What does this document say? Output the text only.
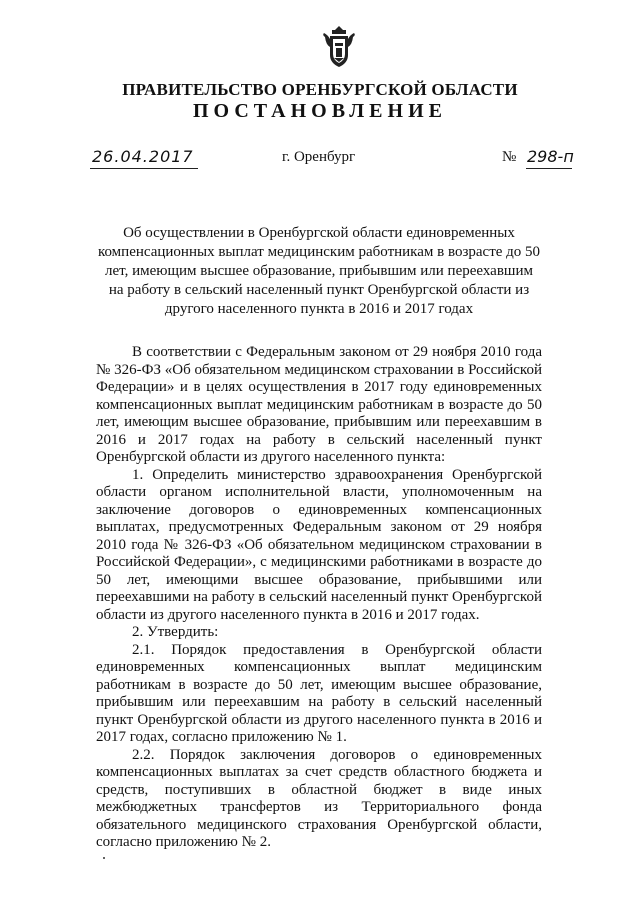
ПРАВИТЕЛЬСТВО ОРЕНБУРГСКОЙ ОБЛАСТИ
ПОСТАНОВЛЕНИЕ
26.04.2017	г. Оренбург	№ 298-п
Об осуществлении в Оренбургской области единовременных компенсационных выплат медицинским работникам в возрасте до 50 лет, имеющим высшее образование, прибывшим или переехавшим на работу в сельский населенный пункт Оренбургской области из другого населенного пункта в 2016 и 2017 годах

В соответствии с Федеральным законом от 29 ноября 2010 года № 326-ФЗ «Об обязательном медицинском страховании в Российской Федерации» и в целях осуществления в 2017 году единовременных компенсационных выплат медицинским работникам в возрасте до 50 лет, имеющим высшее образование, прибывшим или переехавшим в 2016 и 2017 годах на работу в сельский населенный пункт Оренбургской области из другого населенного пункта:

1. Определить министерство здравоохранения Оренбургской области органом исполнительной власти, уполномоченным на заключение договоров о единовременных компенсационных выплатах, предусмотренных Федеральным законом от 29 ноября 2010 года № 326-ФЗ «Об обязательном медицинском страховании в Российской Федерации», с медицинскими работниками в возрасте до 50 лет, имеющими высшее образование, прибывшими или переехавшими на работу в сельский населенный пункт Оренбургской области из другого населенного пункта в 2016 и 2017 годах.

2. Утвердить:

2.1. Порядок предоставления в Оренбургской области единовременных компенсационных выплат медицинским работникам в возрасте до 50 лет, имеющим высшее образование, прибывшим или переехавшим на работу в сельский населенный пункт Оренбургской области из другого населенного пункта в 2016 и 2017 годах, согласно приложению № 1.

2.2. Порядок заключения договоров о единовременных компенсационных выплатах за счет средств областного бюджета и средств, поступивших в областной бюджет в виде иных межбюджетных трансфертов из Территориального фонда обязательного медицинского страхования Оренбургской области, согласно приложению № 2.
